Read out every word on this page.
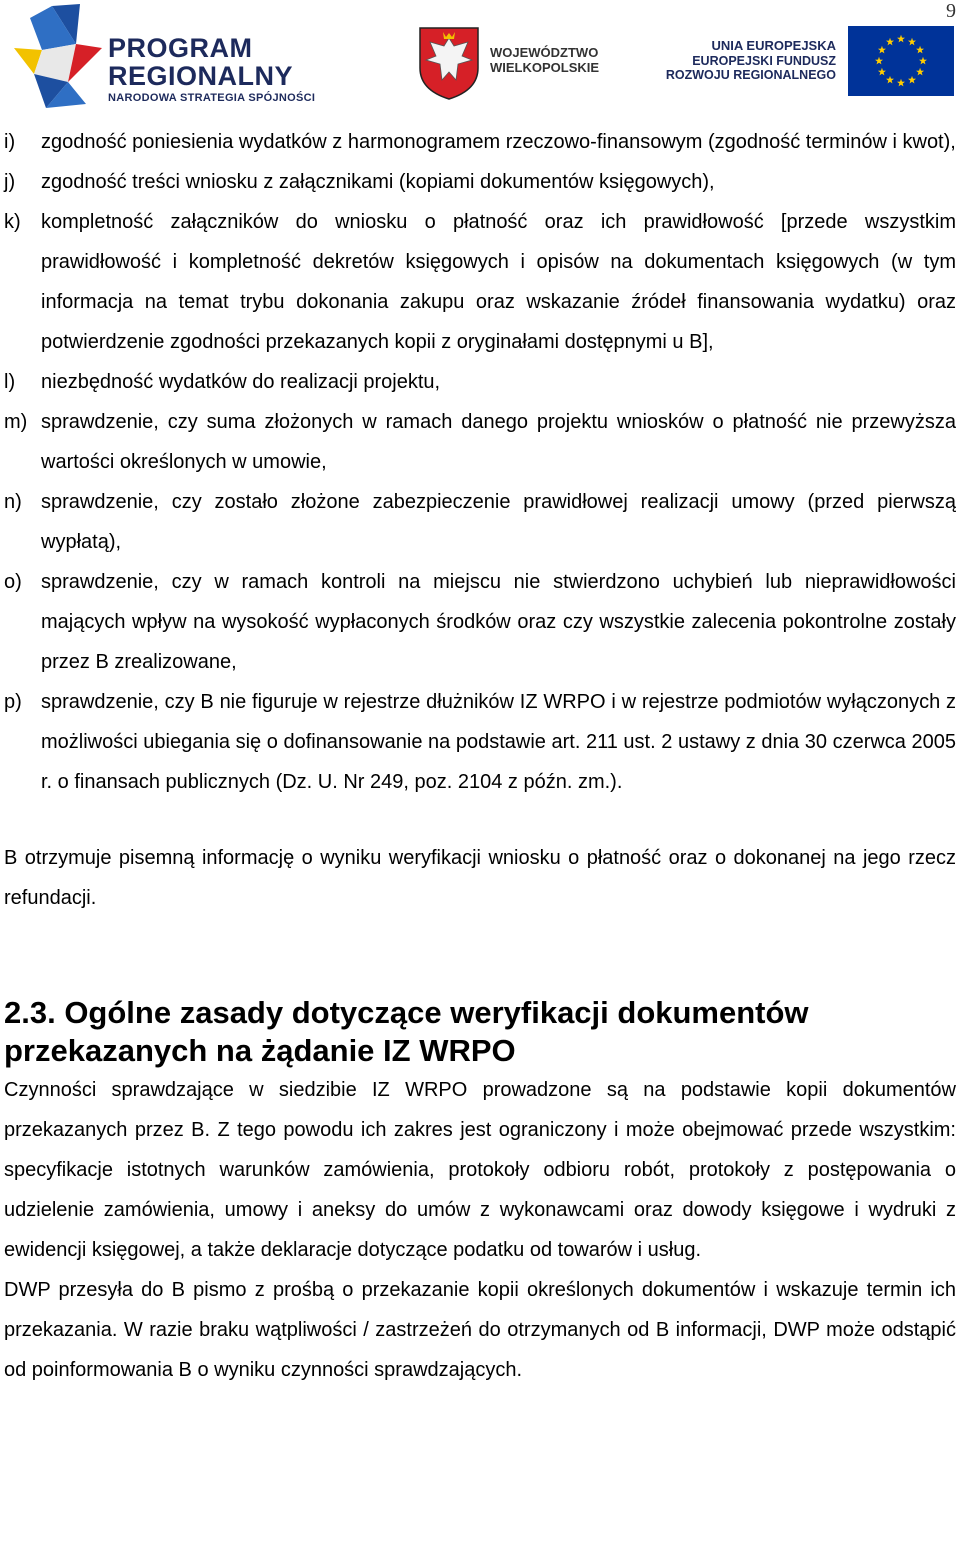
9
PROGRAM
REGIONALNY
NARODOWA STRATEGIA SPÓJNOŚCI
WOJEWÓDZTWO
WIELKOPOLSKIE
UNIA EUROPEJSKA
EUROPEJSKI FUNDUSZ
ROZWOJU REGIONALNEGO
i) zgodność poniesienia wydatków z harmonogramem rzeczowo-finansowym (zgodność terminów i kwot),
j) zgodność treści wniosku z załącznikami (kopiami dokumentów księgowych),
k) kompletność załączników do wniosku o płatność oraz ich prawidłowość [przede wszystkim prawidłowość i kompletność dekretów księgowych i opisów na dokumentach księgowych (w tym informacja na temat trybu dokonania zakupu oraz wskazanie źródeł finansowania wydatku) oraz potwierdzenie zgodności przekazanych kopii z oryginałami dostępnymi u B],
l) niezbędność wydatków do realizacji projektu,
m) sprawdzenie, czy suma złożonych w ramach danego projektu wniosków o płatność nie przewyższa wartości określonych w umowie,
n) sprawdzenie, czy zostało złożone zabezpieczenie prawidłowej realizacji umowy (przed pierwszą wypłatą),
o) sprawdzenie, czy w ramach kontroli na miejscu nie stwierdzono uchybień lub nieprawidłowości mających wpływ na wysokość wypłaconych środków oraz czy wszystkie zalecenia pokontrolne zostały przez B zrealizowane,
p) sprawdzenie, czy B nie figuruje w rejestrze dłużników IZ WRPO i w rejestrze podmiotów wyłączonych z możliwości ubiegania się o dofinansowanie na podstawie art. 211 ust. 2 ustawy z dnia 30 czerwca 2005 r. o finansach publicznych (Dz. U. Nr 249, poz. 2104 z późn. zm.).
B otrzymuje pisemną informację o wyniku weryfikacji wniosku o płatność oraz o dokonanej na jego rzecz refundacji.
2.3. Ogólne zasady dotyczące weryfikacji dokumentów przekazanych na żądanie IZ WRPO
Czynności sprawdzające w siedzibie IZ WRPO prowadzone są na podstawie kopii dokumentów przekazanych przez B. Z tego powodu ich zakres jest ograniczony i może obejmować przede wszystkim: specyfikacje istotnych warunków zamówienia, protokoły odbioru robót, protokoły z postępowania o udzielenie zamówienia, umowy i aneksy do umów z wykonawcami oraz dowody księgowe i wydruki z ewidencji księgowej, a także deklaracje dotyczące podatku od towarów i usług.
DWP przesyła do B pismo z prośbą o przekazanie kopii określonych dokumentów i wskazuje termin ich przekazania. W razie braku wątpliwości / zastrzeżeń do otrzymanych od B informacji, DWP może odstąpić od poinformowania B o wyniku czynności sprawdzających.
